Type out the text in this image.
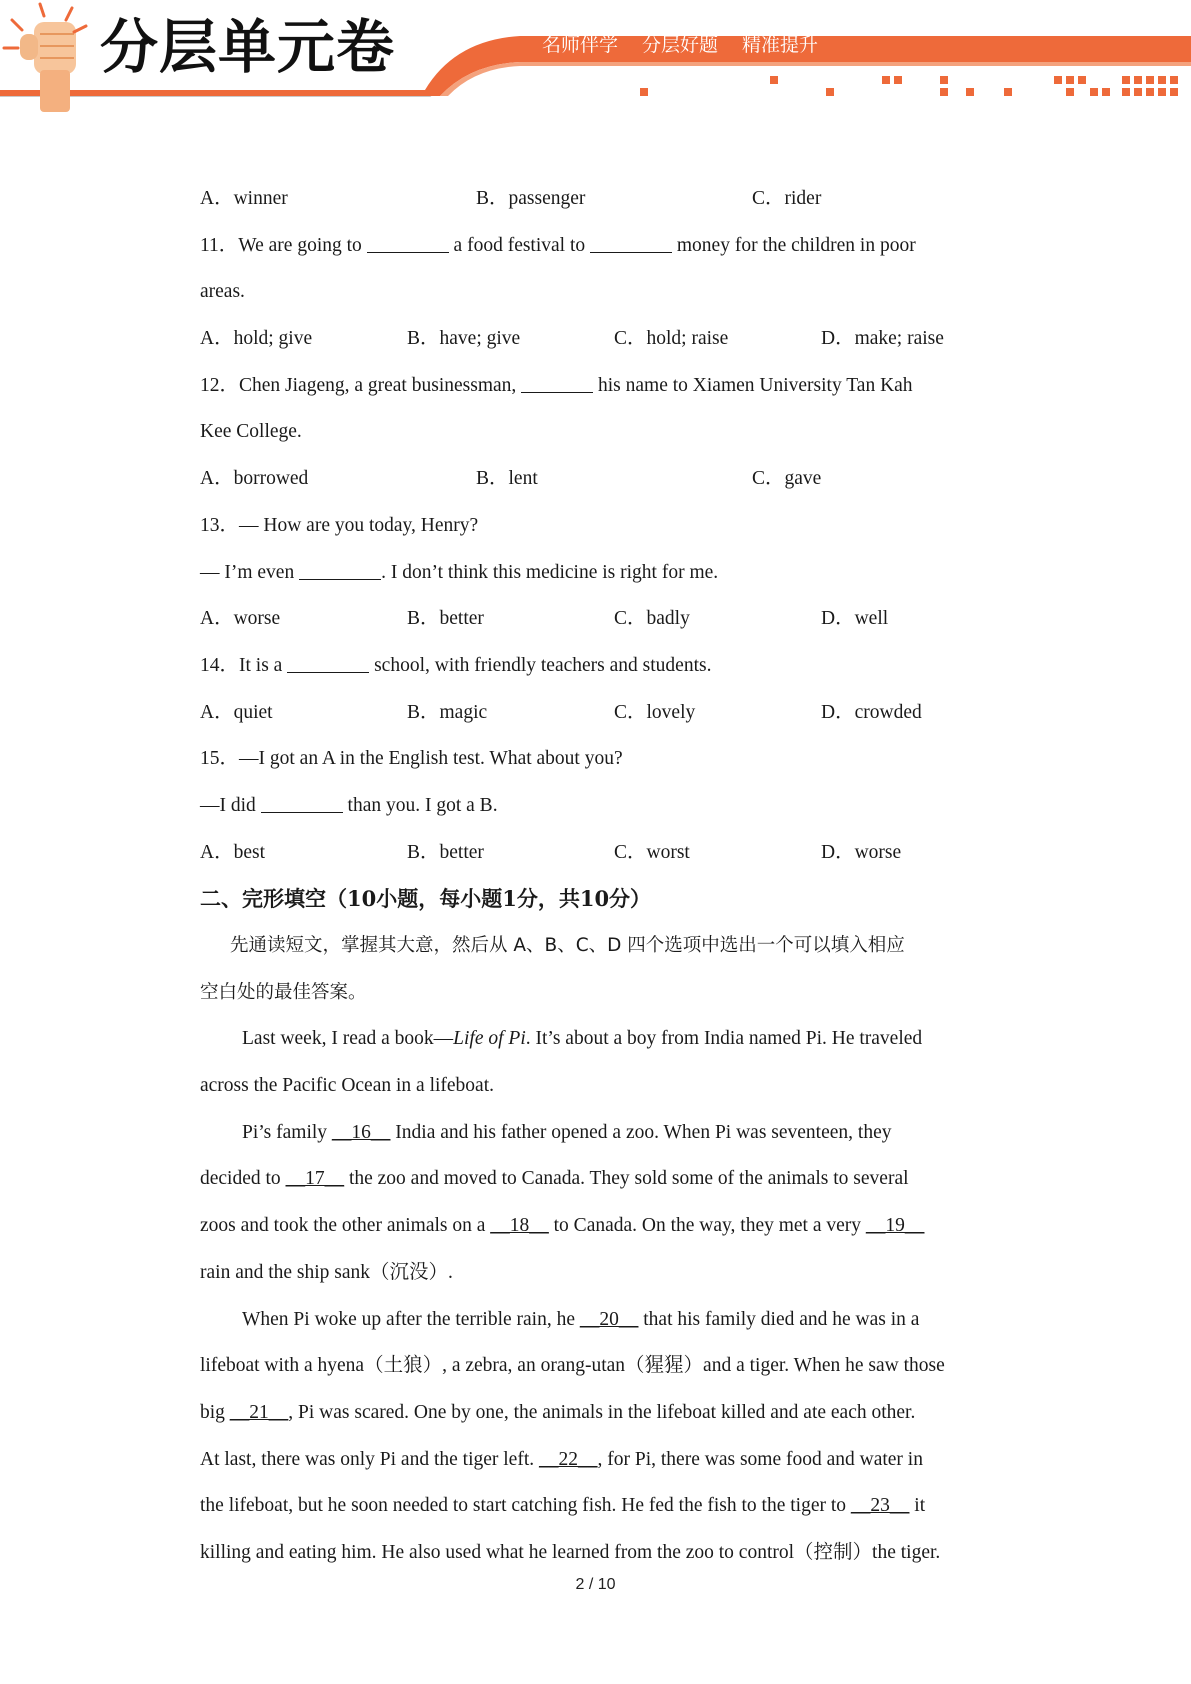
分层单元卷	名师伴学 分层好题 精准提升
A．winner	B．passenger	C．rider
11．We are going to	a food festival to	money for the children in poor
areas.
A．hold; give	B．have; give	C．hold; raise	D．make; raise
12．Chen Jiageng, a great businessman,	his name to Xiamen University Tan Kah
Kee College.
A．borrowed	B．lent	C．gave
13．— How are you today, Henry?
— I’m even	. I don’t think this medicine is right for me.
A．worse	B．better	C．badly	D．well
14．It is a	school, with friendly teachers and students.
A．quiet	B．magic	C．lovely	D．crowded
15．—I got an A in the English test. What about you?
—I did	than you. I got a B.
A．best	B．better	C．worst	D．worse
二、完形填空（10小题，每小题1分，共10分）
先通读短文，掌握其大意，然后从 A、B、C、D 四个选项中选出一个可以填入相应
空白处的最佳答案。
Last week, I read a book—Life of Pi. It’s about a boy from India named Pi. He traveled
across the Pacific Ocean in a lifeboat.
Pi’s family __16__ India and his father opened a zoo. When Pi was seventeen, they
decided to __17__ the zoo and moved to Canada. They sold some of the animals to several
zoos and took the other animals on a __18__ to Canada. On the way, they met a very __19__
rain and the ship sank（沉没）.
When Pi woke up after the terrible rain, he __20__ that his family died and he was in a
lifeboat with a hyena（土狼）, a zebra, an orang-utan（猩猩）and a tiger. When he saw those
big __21__, Pi was scared. One by one, the animals in the lifeboat killed and ate each other.
At last, there was only Pi and the tiger left. __22__, for Pi, there was some food and water in
the lifeboat, but he soon needed to start catching fish. He fed the fish to the tiger to __23__ it
killing and eating him. He also used what he learned from the zoo to control（控制）the tiger.
2 / 10
